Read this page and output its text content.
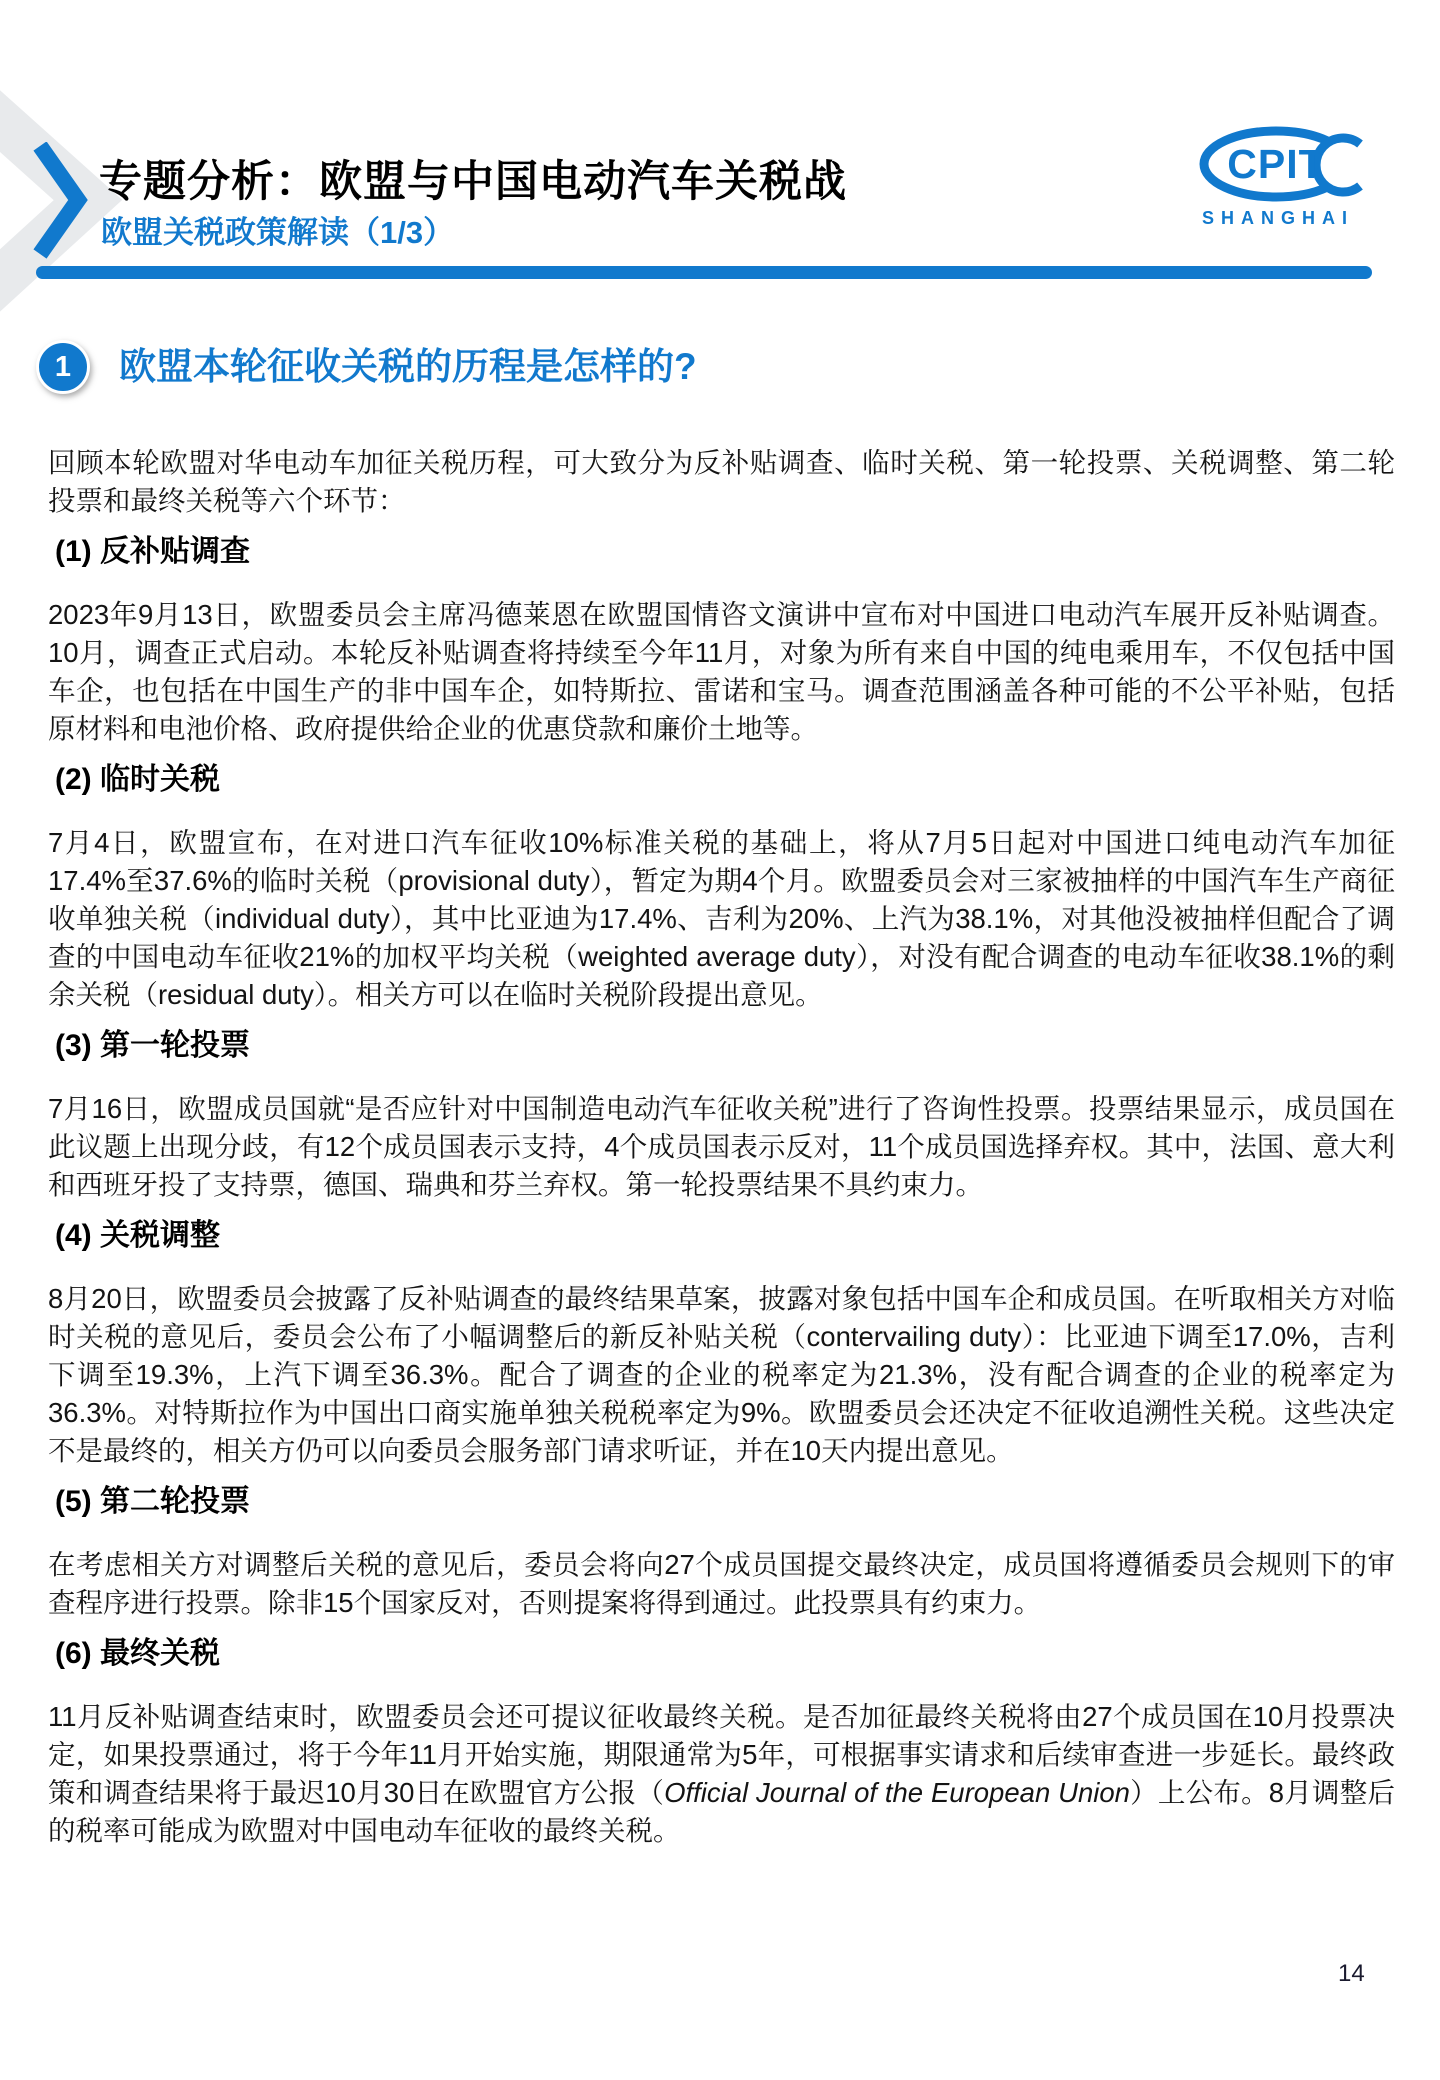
专题分析：欧盟与中国电动汽车关税战
欧盟关税政策解读（1/3）
CPIT
SHANGHAI
1 欧盟本轮征收关税的历程是怎样的?

回顾本轮欧盟对华电动车加征关税历程，可大致分为反补贴调查、临时关税、第一轮投票、关税调整、第二轮投票和最终关税等六个环节：

(1) 反补贴调查

2023年9月13日，欧盟委员会主席冯德莱恩在欧盟国情咨文演讲中宣布对中国进口电动汽车展开反补贴调查。10月，调查正式启动。本轮反补贴调查将持续至今年11月，对象为所有来自中国的纯电乘用车，不仅包括中国车企，也包括在中国生产的非中国车企，如特斯拉、雷诺和宝马。调查范围涵盖各种可能的不公平补贴，包括原材料和电池价格、政府提供给企业的优惠贷款和廉价土地等。

(2) 临时关税

7月4日，欧盟宣布，在对进口汽车征收10%标准关税的基础上，将从7月5日起对中国进口纯电动汽车加征17.4%至37.6%的临时关税（provisional duty），暂定为期4个月。欧盟委员会对三家被抽样的中国汽车生产商征收单独关税（individual duty），其中比亚迪为17.4%、吉利为20%、上汽为38.1%，对其他没被抽样但配合了调查的中国电动车征收21%的加权平均关税（weighted average duty），对没有配合调查的电动车征收38.1%的剩余关税（residual duty）。相关方可以在临时关税阶段提出意见。

(3) 第一轮投票

7月16日，欧盟成员国就“是否应针对中国制造电动汽车征收关税”进行了咨询性投票。投票结果显示，成员国在此议题上出现分歧，有12个成员国表示支持，4个成员国表示反对，11个成员国选择弃权。其中，法国、意大利和西班牙投了支持票，德国、瑞典和芬兰弃权。第一轮投票结果不具约束力。

(4) 关税调整

8月20日，欧盟委员会披露了反补贴调查的最终结果草案，披露对象包括中国车企和成员国。在听取相关方对临时关税的意见后，委员会公布了小幅调整后的新反补贴关税（contervailing duty）：比亚迪下调至17.0%，吉利下调至19.3%，上汽下调至36.3%。配合了调查的企业的税率定为21.3%，没有配合调查的企业的税率定为36.3%。对特斯拉作为中国出口商实施单独关税税率定为9%。欧盟委员会还决定不征收追溯性关税。这些决定不是最终的，相关方仍可以向委员会服务部门请求听证，并在10天内提出意见。

(5) 第二轮投票

在考虑相关方对调整后关税的意见后，委员会将向27个成员国提交最终决定，成员国将遵循委员会规则下的审查程序进行投票。除非15个国家反对，否则提案将得到通过。此投票具有约束力。

(6) 最终关税

11月反补贴调查结束时，欧盟委员会还可提议征收最终关税。是否加征最终关税将由27个成员国在10月投票决定，如果投票通过，将于今年11月开始实施，期限通常为5年，可根据事实请求和后续审查进一步延长。最终政策和调查结果将于最迟10月30日在欧盟官方公报（Official Journal of the European Union）上公布。8月调整后的税率可能成为欧盟对中国电动车征收的最终关税。

14
